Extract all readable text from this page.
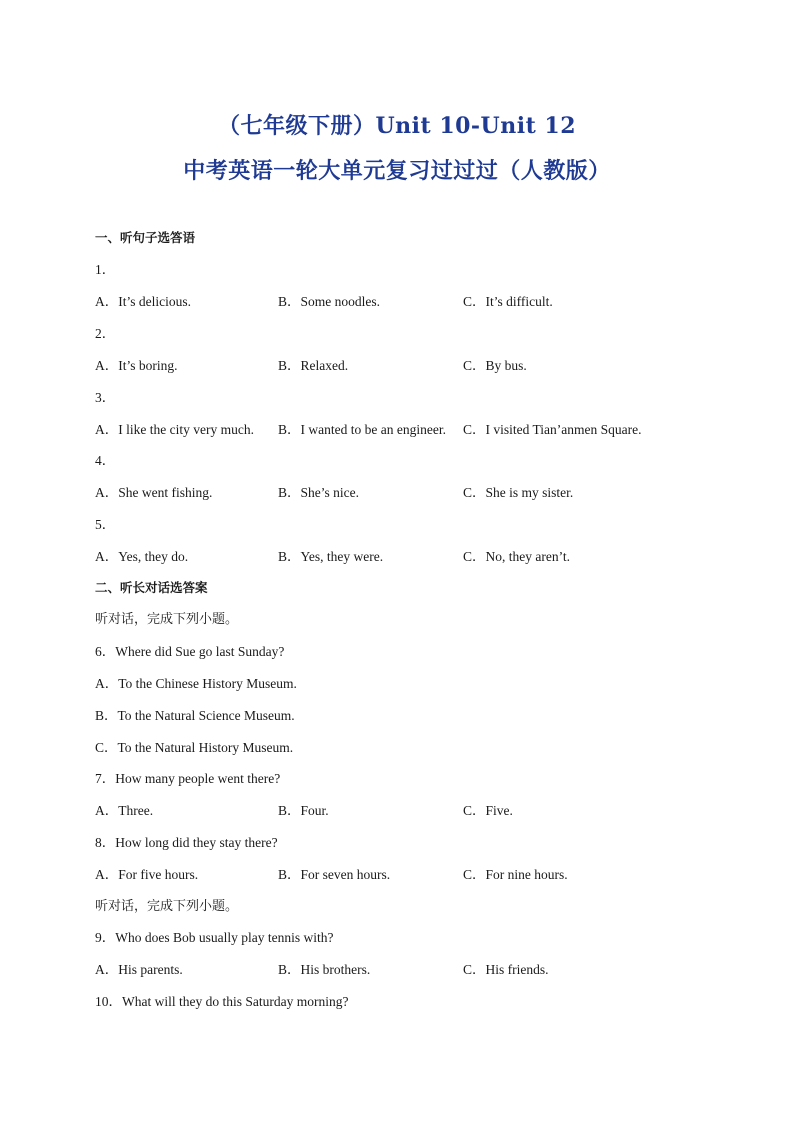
（七年级下册）Unit 10-Unit 12
中考英语一轮大单元复习过过过（人教版）
一、听句子选答语
1．
A．It’s delicious.	B．Some noodles.	C．It’s difficult.
2．
A．It’s boring.	B．Relaxed.	C．By bus.
3．
A．I like the city very much. B．I wanted to be an engineer. C．I visited Tian’anmen Square.
4．
A．She went fishing.	B．She’s nice.	C．She is my sister.
5．
A．Yes, they do.	B．Yes, they were.	C．No, they aren’t.
二、听长对话选答案
听对话，完成下列小题。
6．Where did Sue go last Sunday?
A．To the Chinese History Museum.
B．To the Natural Science Museum.
C．To the Natural History Museum.
7．How many people went there?
A．Three.	B．Four.	C．Five.
8．How long did they stay there?
A．For five hours.	B．For seven hours.	C．For nine hours.
听对话，完成下列小题。
9．Who does Bob usually play tennis with?
A．His parents.	B．His brothers.	C．His friends.
10．What will they do this Saturday morning?
